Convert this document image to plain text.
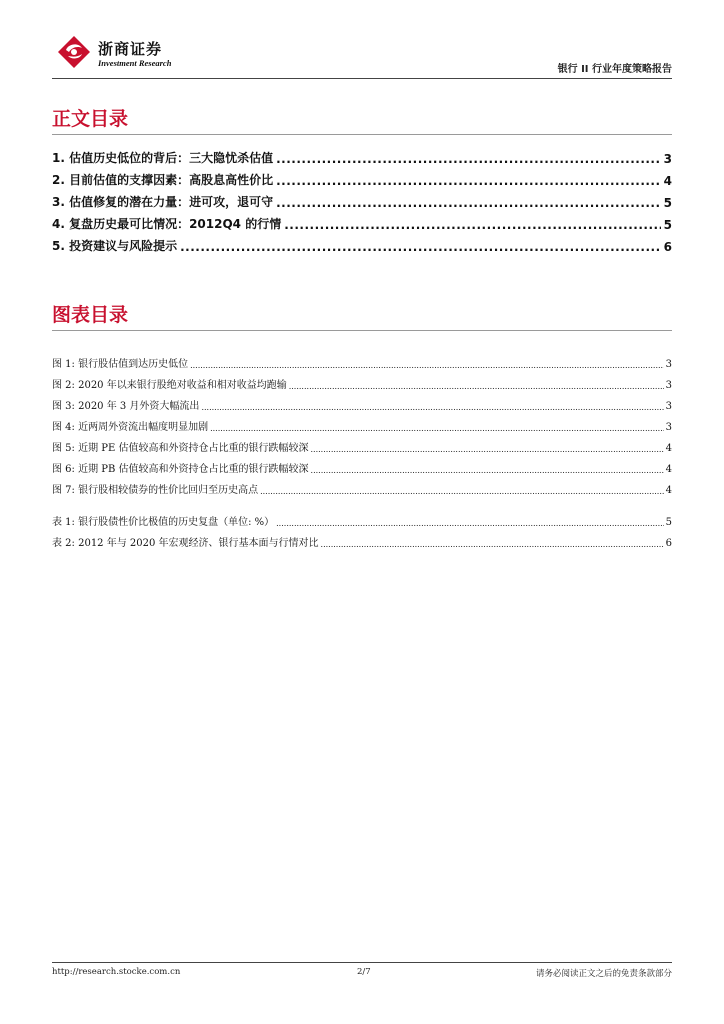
浙商证券
Investment Research
银行 II 行业年度策略报告
正文目录
1. 估值历史低位的背后：三大隐忧杀估值 .....	3
2. 目前估值的支撑因素：高股息高性价比 .....	4
3. 估值修复的潜在力量：进可攻，退可守 .....	5
4. 复盘历史最可比情况：2012Q4 的行情 .....	5
5. 投资建议与风险提示 .....	6
图表目录
图 1: 银行股估值到达历史低位 .....	3
图 2: 2020 年以来银行股绝对收益和相对收益均跑输 .....	3
图 3: 2020 年 3 月外资大幅流出 .....	3
图 4: 近两周外资流出幅度明显加剧 .....	3
图 5: 近期 PE 估值较高和外资持仓占比重的银行跌幅较深 .....	4
图 6: 近期 PB 估值较高和外资持仓占比重的银行跌幅较深 .....	4
图 7: 银行股相较债券的性价比回归至历史高点 .....	4
表 1: 银行股债性价比极值的历史复盘（单位: %） .....	5
表 2: 2012 年与 2020 年宏观经济、银行基本面与行情对比 .....	6
http://research.stocke.com.cn	2/7	请务必阅读正文之后的免责条款部分
